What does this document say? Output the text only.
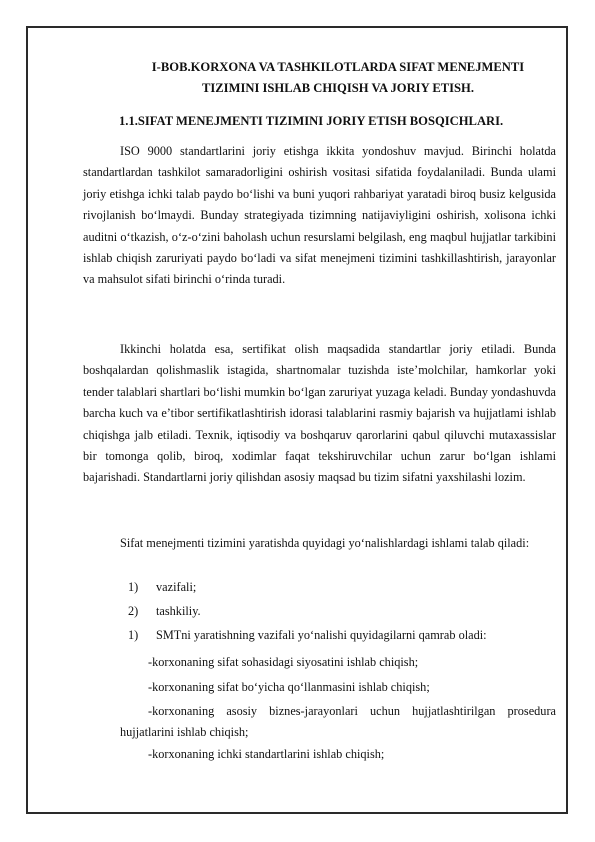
I-BOB.KORXONA VA TASHKILOTLARDA SIFAT MENEJMENTI

TIZIMINI ISHLAB CHIQISH VA JORIY ETISH.

1.1.SIFAT MENEJMENTI TIZIMINI JORIY ETISH BOSQICHLARI.

ISO 9000 standartlarini joriy etishga ikkita yondoshuv mavjud. Birinchi holatda standartlardan tashkilot samaradorligini oshirish vositasi sifatida foydalaniladi. Bunda ulami joriy etishga ichki talab paydo bo‘lishi va buni yuqori rahbariyat yaratadi biroq busiz kelgusida rivojlanish bo‘lmaydi. Bunday strategiyada tizimning natijaviyligini oshirish, xolisona ichki auditni o‘tkazish, o‘z-o‘zini baholash uchun resurslami belgilash, eng maqbul hujjatlar tarkibini ishlab chiqish zaruriyati paydo bo‘ladi va sifat menejmeni tizimini tashkillashtirish, jarayonlar va mahsulot sifati birinchi o‘rinda turadi.

Ikkinchi holatda esa, sertifikat olish maqsadida standartlar joriy etiladi. Bunda boshqalardan qolishmaslik istagida, shartnomalar tuzishda iste’molchilar, hamkorlar yoki tender talablari shartlari bo‘lishi mumkin bo‘lgan zaruriyat yuzaga keladi. Bunday yondashuvda barcha kuch va e’tibor sertifikatlashtirish idorasi talablarini rasmiy bajarish va hujjatlami ishlab chiqishga jalb etiladi. Texnik, iqtisodiy va boshqaruv qarorlarini qabul qiluvchi mutaxassislar bir tomonga qolib, biroq, xodimlar faqat tekshiruvchilar uchun zarur bo‘lgan ishlami bajarishadi. Standartlarni joriy qilishdan asosiy maqsad bu tizim sifatni yaxshilashi lozim.

Sifat menejmenti tizimini yaratishda quyidagi yo‘nalishlardagi ishlami talab qiladi:

1) vazifali;
2) tashkiliy.
1) SMTni yaratishning vazifali yo‘nalishi quyidagilarni qamrab oladi:
-korxonaning sifat sohasidagi siyosatini ishlab chiqish;
-korxonaning sifat bo‘yicha qo‘llanmasini ishlab chiqish;

-korxonaning asosiy biznes-jarayonlari uchun hujjatlashtirilgan prosedura hujjatlarini ishlab chiqish;

-korxonaning ichki standartlarini ishlab chiqish;
